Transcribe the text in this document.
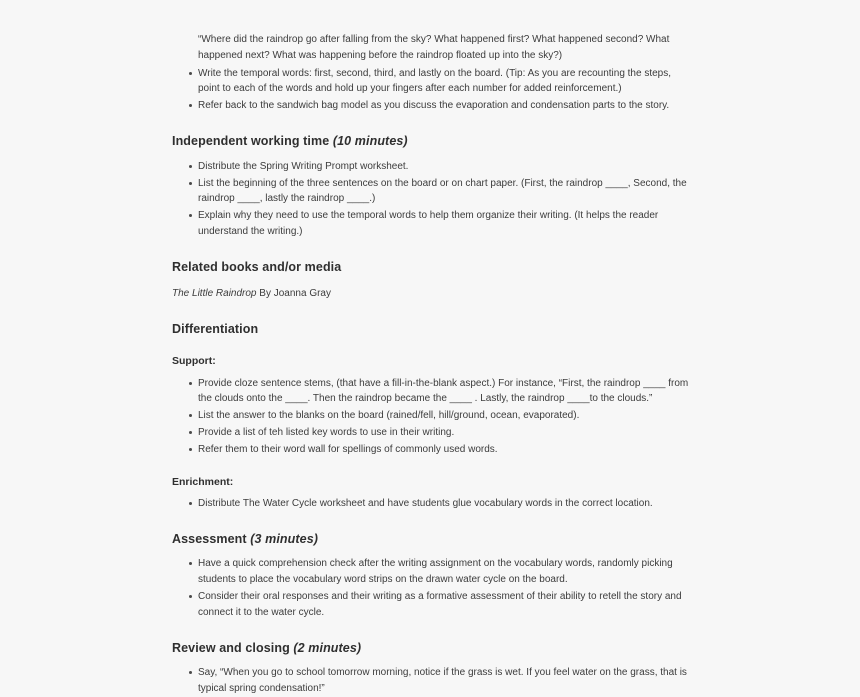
“Where did the raindrop go after falling from the sky? What happened first? What happened second? What happened next? What was happening before the raindrop floated up into the sky?)

Write the temporal words: first, second, third, and lastly on the board. (Tip: As you are recounting the steps, point to each of the words and hold up your fingers after each number for added reinforcement.)
Refer back to the sandwich bag model as you discuss the evaporation and condensation parts to the story.
Independent working time (10 minutes)
Distribute the Spring Writing Prompt worksheet.
List the beginning of the three sentences on the board or on chart paper. (First, the raindrop ____, Second, the raindrop ____, lastly the raindrop ____.)
Explain why they need to use the temporal words to help them organize their writing. (It helps the reader understand the writing.)
Related books and/or media

The Little Raindrop By Joanna Gray

Differentiation
Support:
Provide cloze sentence stems, (that have a fill-in-the-blank aspect.) For instance, “First, the raindrop ____ from the clouds onto the ____. Then the raindrop became the ____ . Lastly, the raindrop ____to the clouds.”
List the answer to the blanks on the board (rained/fell, hill/ground, ocean, evaporated).
Provide a list of teh listed key words to use in their writing.
Refer them to their word wall for spellings of commonly used words.
Enrichment:
Distribute The Water Cycle worksheet and have students glue vocabulary words in the correct location.
Assessment (3 minutes)
Have a quick comprehension check after the writing assignment on the vocabulary words, randomly picking students to place the vocabulary word strips on the drawn water cycle on the board.
Consider their oral responses and their writing as a formative assessment of their ability to retell the story and connect it to the water cycle.
Review and closing (2 minutes)
Say, “When you go to school tomorrow morning, notice if the grass is wet. If you feel water on the grass, that is typical spring condensation!”
